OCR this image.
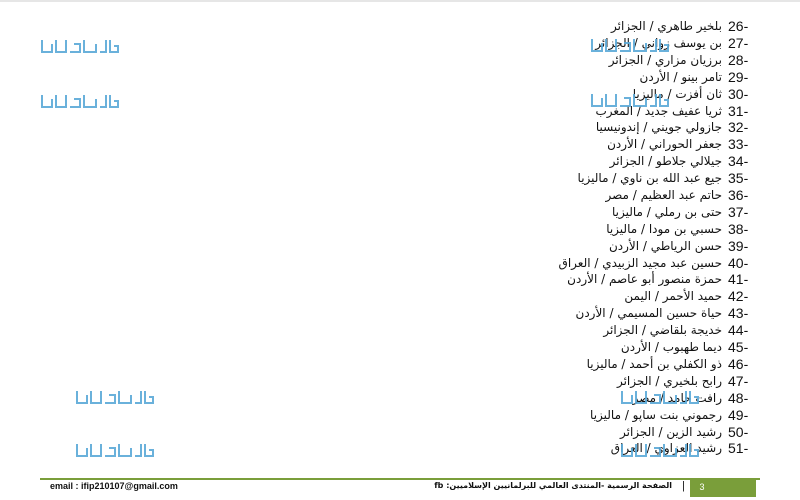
26-
بلخير طاهري / الجزائر
27-
بن يوسف زواني / الجزائر
28-
برزيان مزاري / الجزائر
29-
تامر بينو / الأردن
30-
ثان أفزت / ماليزيا
31-
ثريا عفيف جديد / المغرب
32-
جازولي جويني / إندونيسيا
33-
جعفر الحوراني / الأردن
34-
جيلالي جلاطو / الجزائر
35-
جيع عبد الله بن ناوي / ماليزيا
36-
حاتم عبد العظيم / مصر
37-
حتى بن رملي / ماليزيا
38-
حسبي بن مودا / ماليزيا
39-
حسن الرياطي / الأردن
40-
حسين عبد مجيد الزبيدي / العراق
41-
حمزة منصور أبو عاصم / الأردن
42-
حميد الأحمر / اليمن
43-
حياة حسين المسيمي / الأردن
44-
خديجة بلقاضي / الجزائر
45-
ديما طهبوب / الأردن
46-
ذو الكفلي بن أحمد / ماليزيا
47-
رابح بلخيري / الجزائر
48-
رافت حامد / مصر
49-
رجموني بنت ساپو / ماليزيا
50-
رشيد الزين / الجزائر
51-
رشيد العزاوي / العراق
email : ifip210107@gmail.com	الصفحة الرسمية -المنتدى العالمي للبرلمانيين الإسلاميين: fb |	3
